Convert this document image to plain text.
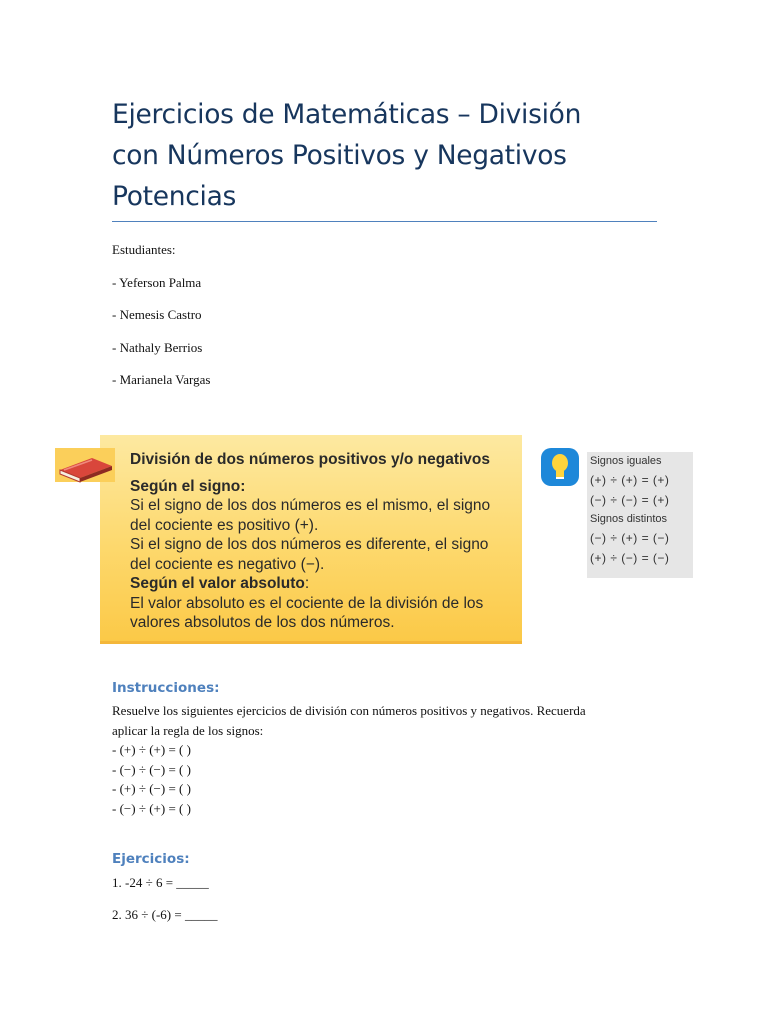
Ejercicios de Matemáticas – División
con Números Positivos y Negativos
Potencias
Estudiantes:
- Yeferson Palma
- Nemesis Castro
- Nathaly Berrios
- Marianela Vargas
División de dos números positivos y/o negativos
Según el signo:
Si el signo de los dos números es el mismo, el signo
del cociente es positivo (+).
Si el signo de los dos números es diferente, el signo
del cociente es negativo (−).
Según el valor absoluto:
El valor absoluto es el cociente de la división de los
valores absolutos de los dos números.
Signos iguales
(+) ÷ (+) = (+)
(−) ÷ (−) = (+)
Signos distintos
(−) ÷ (+) = (−)
(+) ÷ (−) = (−)
Instrucciones:
Resuelve los siguientes ejercicios de división con números positivos y negativos. Recuerda
aplicar la regla de los signos:
- (+) ÷ (+) = ( )
- (−) ÷ (−) = ( )
- (+) ÷ (−) = ( )
- (−) ÷ (+) = ( )
Ejercicios:
1. -24 ÷ 6 = _____
2. 36 ÷ (-6) = _____
